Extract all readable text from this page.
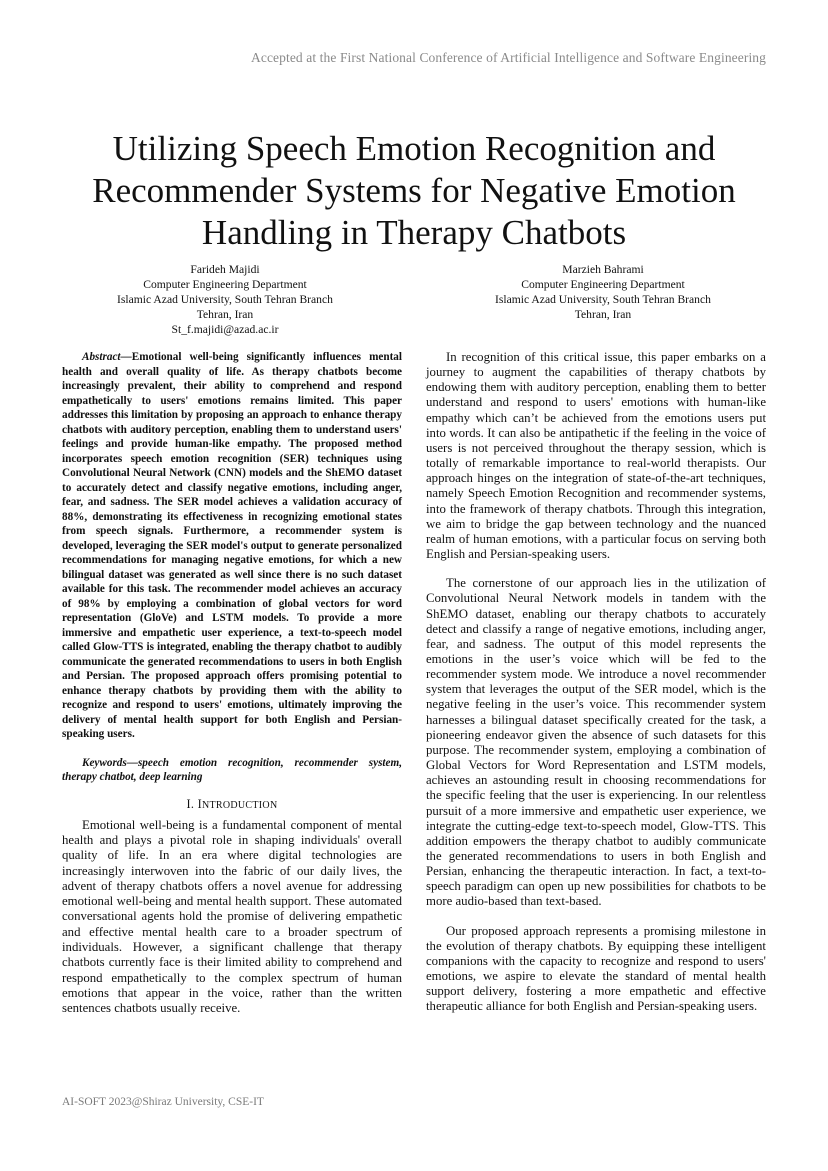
Accepted at the First National Conference of Artificial Intelligence and Software Engineering
Utilizing Speech Emotion Recognition and Recommender Systems for Negative Emotion Handling in Therapy Chatbots
Farideh Majidi
Computer Engineering Department
Islamic Azad University, South Tehran Branch
Tehran, Iran
St_f.majidi@azad.ac.ir
Marzieh Bahrami
Computer Engineering Department
Islamic Azad University, South Tehran Branch
Tehran, Iran

Abstract—Emotional well-being significantly influences mental health and overall quality of life. As therapy chatbots become increasingly prevalent, their ability to comprehend and respond empathetically to users' emotions remains limited. This paper addresses this limitation by proposing an approach to enhance therapy chatbots with auditory perception, enabling them to understand users' feelings and provide human-like empathy. The proposed method incorporates speech emotion recognition (SER) techniques using Convolutional Neural Network (CNN) models and the ShEMO dataset to accurately detect and classify negative emotions, including anger, fear, and sadness. The SER model achieves a validation accuracy of 88%, demonstrating its effectiveness in recognizing emotional states from speech signals. Furthermore, a recommender system is developed, leveraging the SER model's output to generate personalized recommendations for managing negative emotions, for which a new bilingual dataset was generated as well since there is no such dataset available for this task. The recommender model achieves an accuracy of 98% by employing a combination of global vectors for word representation (GloVe) and LSTM models. To provide a more immersive and empathetic user experience, a text-to-speech model called Glow-TTS is integrated, enabling the therapy chatbot to audibly communicate the generated recommendations to users in both English and Persian. The proposed approach offers promising potential to enhance therapy chatbots by providing them with the ability to recognize and respond to users' emotions, ultimately improving the delivery of mental health support for both English and Persian-speaking users.

Keywords—speech emotion recognition, recommender system, therapy chatbot, deep learning

I. INTRODUCTION

Emotional well-being is a fundamental component of mental health and plays a pivotal role in shaping individuals' overall quality of life. In an era where digital technologies are increasingly interwoven into the fabric of our daily lives, the advent of therapy chatbots offers a novel avenue for addressing emotional well-being and mental health support. These automated conversational agents hold the promise of delivering empathetic and effective mental health care to a broader spectrum of individuals. However, a significant challenge that therapy chatbots currently face is their limited ability to comprehend and respond empathetically to the complex spectrum of human emotions that appear in the voice, rather than the written sentences chatbots usually receive.

In recognition of this critical issue, this paper embarks on a journey to augment the capabilities of therapy chatbots by endowing them with auditory perception, enabling them to better understand and respond to users' emotions with human-like empathy which can’t be achieved from the emotions users put into words. It can also be antipathetic if the feeling in the voice of users is not perceived throughout the therapy session, which is totally of remarkable importance to real-world therapists. Our approach hinges on the integration of state-of-the-art techniques, namely Speech Emotion Recognition and recommender systems, into the framework of therapy chatbots. Through this integration, we aim to bridge the gap between technology and the nuanced realm of human emotions, with a particular focus on serving both English and Persian-speaking users.

The cornerstone of our approach lies in the utilization of Convolutional Neural Network models in tandem with the ShEMO dataset, enabling our therapy chatbots to accurately detect and classify a range of negative emotions, including anger, fear, and sadness. The output of this model represents the emotions in the user’s voice which will be fed to the recommender system mode. We introduce a novel recommender system that leverages the output of the SER model, which is the negative feeling in the user’s voice. This recommender system harnesses a bilingual dataset specifically created for the task, a pioneering endeavor given the absence of such datasets for this purpose. The recommender system, employing a combination of Global Vectors for Word Representation and LSTM models, achieves an astounding result in choosing recommendations for the specific feeling that the user is experiencing. In our relentless pursuit of a more immersive and empathetic user experience, we integrate the cutting-edge text-to-speech model, Glow-TTS. This addition empowers the therapy chatbot to audibly communicate the generated recommendations to users in both English and Persian, enhancing the therapeutic interaction. In fact, a text-to-speech paradigm can open up new possibilities for chatbots to be more audio-based than text-based.

Our proposed approach represents a promising milestone in the evolution of therapy chatbots. By equipping these intelligent companions with the capacity to recognize and respond to users' emotions, we aspire to elevate the standard of mental health support delivery, fostering a more empathetic and effective therapeutic alliance for both English and Persian-speaking users.

AI-SOFT 2023@Shiraz University, CSE-IT
